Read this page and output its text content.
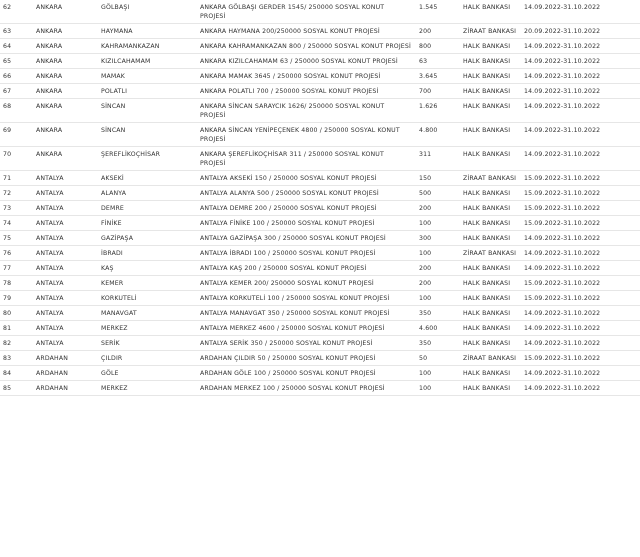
62	ANKARA	GÖLBAŞI	ANKARA GÖLBAŞI GERDER 1545/ 250000 SOSYAL KONUT PROJESİ	1.545	HALK BANKASI	14.09.2022-31.10.2022
63	ANKARA	HAYMANA	ANKARA HAYMANA 200/250000 SOSYAL KONUT PROJESİ	200	ZİRAAT BANKASI	20.09.2022-31.10.2022
64	ANKARA	KAHRAMANKAZAN	ANKARA KAHRAMANKAZAN 800 / 250000 SOSYAL KONUT PROJESİ	800	HALK BANKASI	14.09.2022-31.10.2022
65	ANKARA	KIZILCAHAMAM	ANKARA KIZILCAHAMAM 63 / 250000 SOSYAL KONUT PROJESİ	63	HALK BANKASI	14.09.2022-31.10.2022
66	ANKARA	MAMAK	ANKARA MAMAK 3645 / 250000 SOSYAL KONUT PROJESİ	3.645	HALK BANKASI	14.09.2022-31.10.2022
67	ANKARA	POLATLI	ANKARA POLATLI 700 / 250000 SOSYAL KONUT PROJESİ	700	HALK BANKASI	14.09.2022-31.10.2022
68	ANKARA	SİNCAN	ANKARA SİNCAN SARAYCIK 1626/ 250000 SOSYAL KONUT PROJESİ	1.626	HALK BANKASI	14.09.2022-31.10.2022
69	ANKARA	SİNCAN	ANKARA SİNCAN YENİPEÇENEK 4800 / 250000 SOSYAL KONUT PROJESİ	4.800	HALK BANKASI	14.09.2022-31.10.2022
70	ANKARA	ŞEREFLİKOÇHİSAR	ANKARA ŞEREFLİKOÇHİSAR 311 / 250000 SOSYAL KONUT PROJESİ	311	HALK BANKASI	14.09.2022-31.10.2022
71	ANTALYA	AKSEKİ	ANTALYA AKSEKİ 150 / 250000 SOSYAL KONUT PROJESİ	150	ZİRAAT BANKASI	15.09.2022-31.10.2022
72	ANTALYA	ALANYA	ANTALYA ALANYA 500 / 250000 SOSYAL KONUT PROJESİ	500	HALK BANKASI	15.09.2022-31.10.2022
73	ANTALYA	DEMRE	ANTALYA DEMRE 200 / 250000 SOSYAL KONUT PROJESİ	200	HALK BANKASI	15.09.2022-31.10.2022
74	ANTALYA	FİNİKE	ANTALYA FİNİKE 100 / 250000 SOSYAL KONUT PROJESİ	100	HALK BANKASI	15.09.2022-31.10.2022
75	ANTALYA	GAZİPAŞA	ANTALYA GAZİPAŞA 300 / 250000 SOSYAL KONUT PROJESİ	300	HALK BANKASI	14.09.2022-31.10.2022
76	ANTALYA	İBRADI	ANTALYA İBRADI 100 / 250000 SOSYAL KONUT PROJESİ	100	ZİRAAT BANKASI	14.09.2022-31.10.2022
77	ANTALYA	KAŞ	ANTALYA KAŞ 200 / 250000 SOSYAL KONUT PROJESİ	200	HALK BANKASI	14.09.2022-31.10.2022
78	ANTALYA	KEMER	ANTALYA KEMER 200/ 250000 SOSYAL KONUT PROJESİ	200	HALK BANKASI	15.09.2022-31.10.2022
79	ANTALYA	KORKUTELİ	ANTALYA KORKUTELİ 100 / 250000 SOSYAL KONUT PROJESİ	100	HALK BANKASI	15.09.2022-31.10.2022
80	ANTALYA	MANAVGAT	ANTALYA MANAVGAT 350 / 250000 SOSYAL KONUT PROJESİ	350	HALK BANKASI	14.09.2022-31.10.2022
81	ANTALYA	MERKEZ	ANTALYA MERKEZ 4600 / 250000 SOSYAL KONUT PROJESİ	4.600	HALK BANKASI	14.09.2022-31.10.2022
82	ANTALYA	SERİK	ANTALYA SERİK 350 / 250000 SOSYAL KONUT PROJESİ	350	HALK BANKASI	14.09.2022-31.10.2022
83	ARDAHAN	ÇILDIR	ARDAHAN ÇILDIR 50 / 250000 SOSYAL KONUT PROJESİ	50	ZİRAAT BANKASI	15.09.2022-31.10.2022
84	ARDAHAN	GÖLE	ARDAHAN GÖLE 100 / 250000 SOSYAL KONUT PROJESİ	100	HALK BANKASI	14.09.2022-31.10.2022
85	ARDAHAN	MERKEZ	ARDAHAN MERKEZ 100 / 250000 SOSYAL KONUT PROJESİ	100	HALK BANKASI	14.09.2022-31.10.2022
